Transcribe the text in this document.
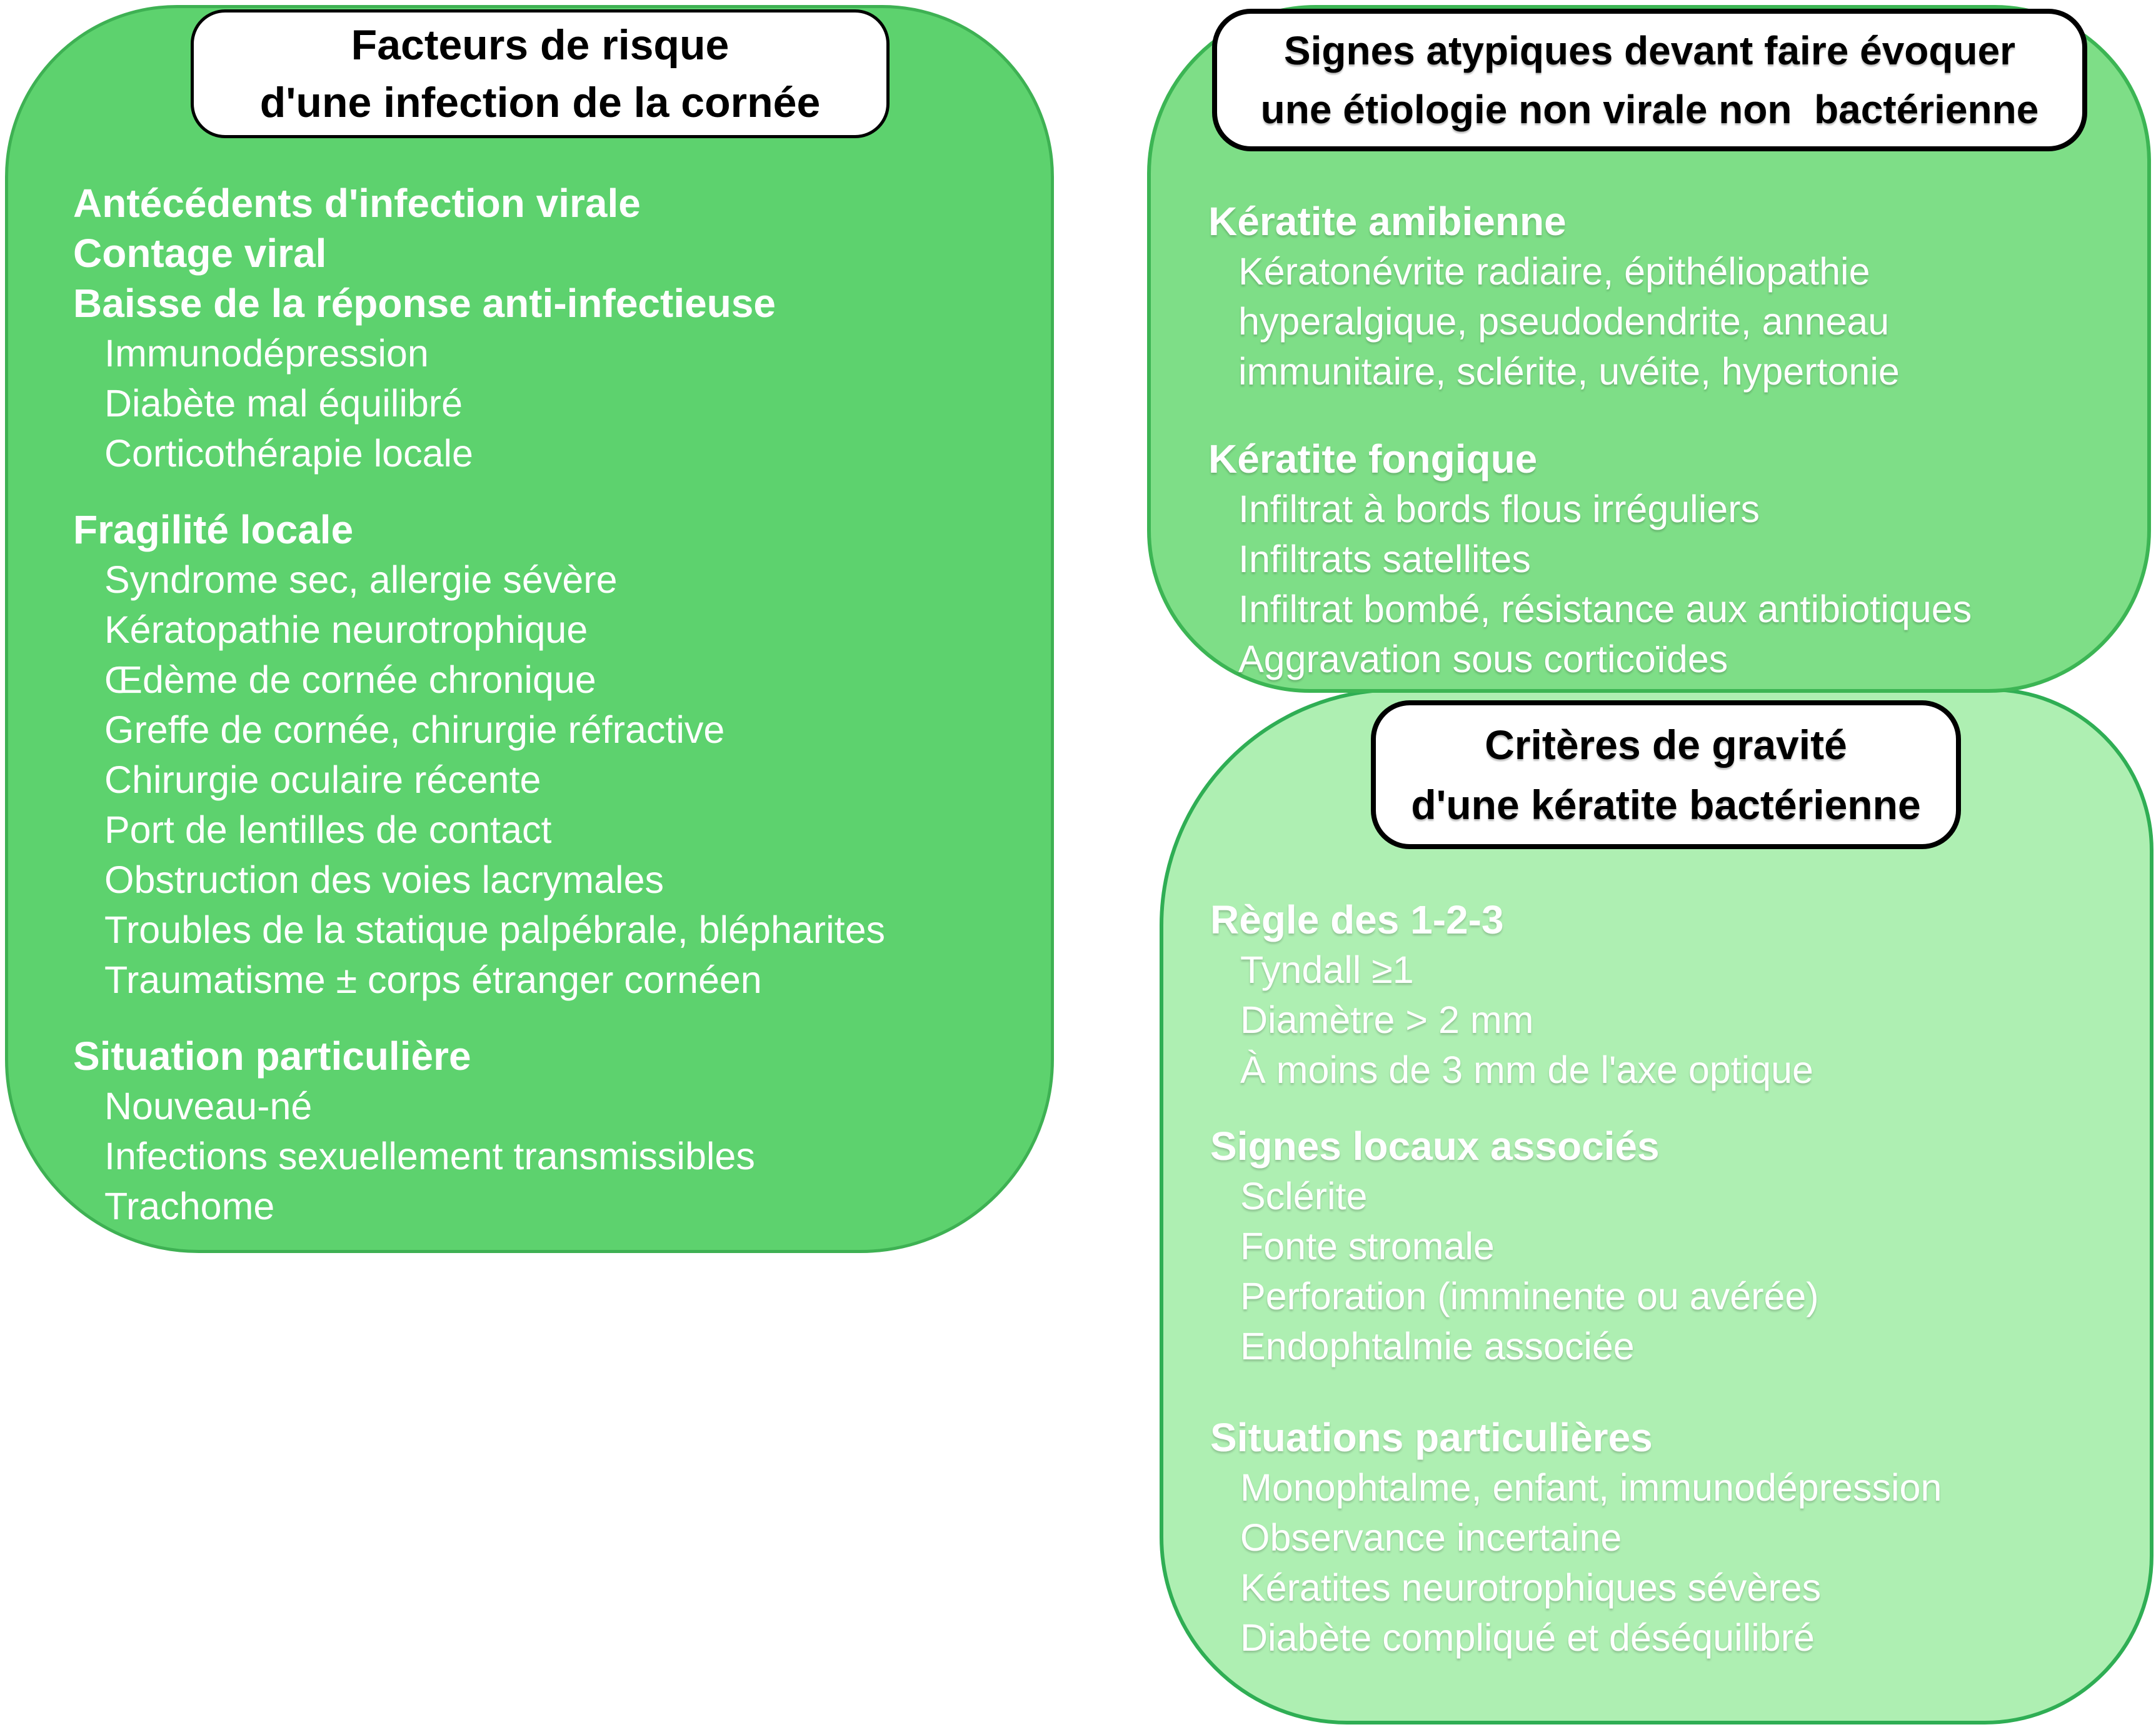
Facteurs de risque
d'une infection de la cornée
Antécédents d'infection virale
Contage viral
Baisse de la réponse anti-infectieuse
Immunodépression
Diabète mal équilibré
Corticothérapie locale
Fragilité locale
Syndrome sec, allergie sévère
Kératopathie neurotrophique
Œdème de cornée chronique
Greffe de cornée, chirurgie réfractive
Chirurgie oculaire récente
Port de lentilles de contact
Obstruction des voies lacrymales
Troubles de la statique palpébrale, blépharites
Traumatisme ± corps étranger cornéen
Situation particulière
Nouveau-né
Infections sexuellement transmissibles
Trachome
Signes atypiques devant faire évoquer
une étiologie non virale non  bactérienne
Kératite amibienne
Kératonévrite radiaire, épithéliopathie
hyperalgique, pseudodendrite, anneau
immunitaire, sclérite, uvéite, hypertonie
Kératite fongique
Infiltrat à bords flous irréguliers
Infiltrats satellites
Infiltrat bombé, résistance aux antibiotiques
Aggravation sous corticoïdes
Critères de gravité
d'une kératite bactérienne
Règle des 1-2-3
Tyndall ≥1
Diamètre > 2 mm
À moins de 3 mm de l'axe optique
Signes locaux associés
Sclérite
Fonte stromale
Perforation (imminente ou avérée)
Endophtalmie associée
Situations particulières
Monophtalme, enfant, immunodépression
Observance incertaine
Kératites neurotrophiques sévères
Diabète compliqué et déséquilibré
